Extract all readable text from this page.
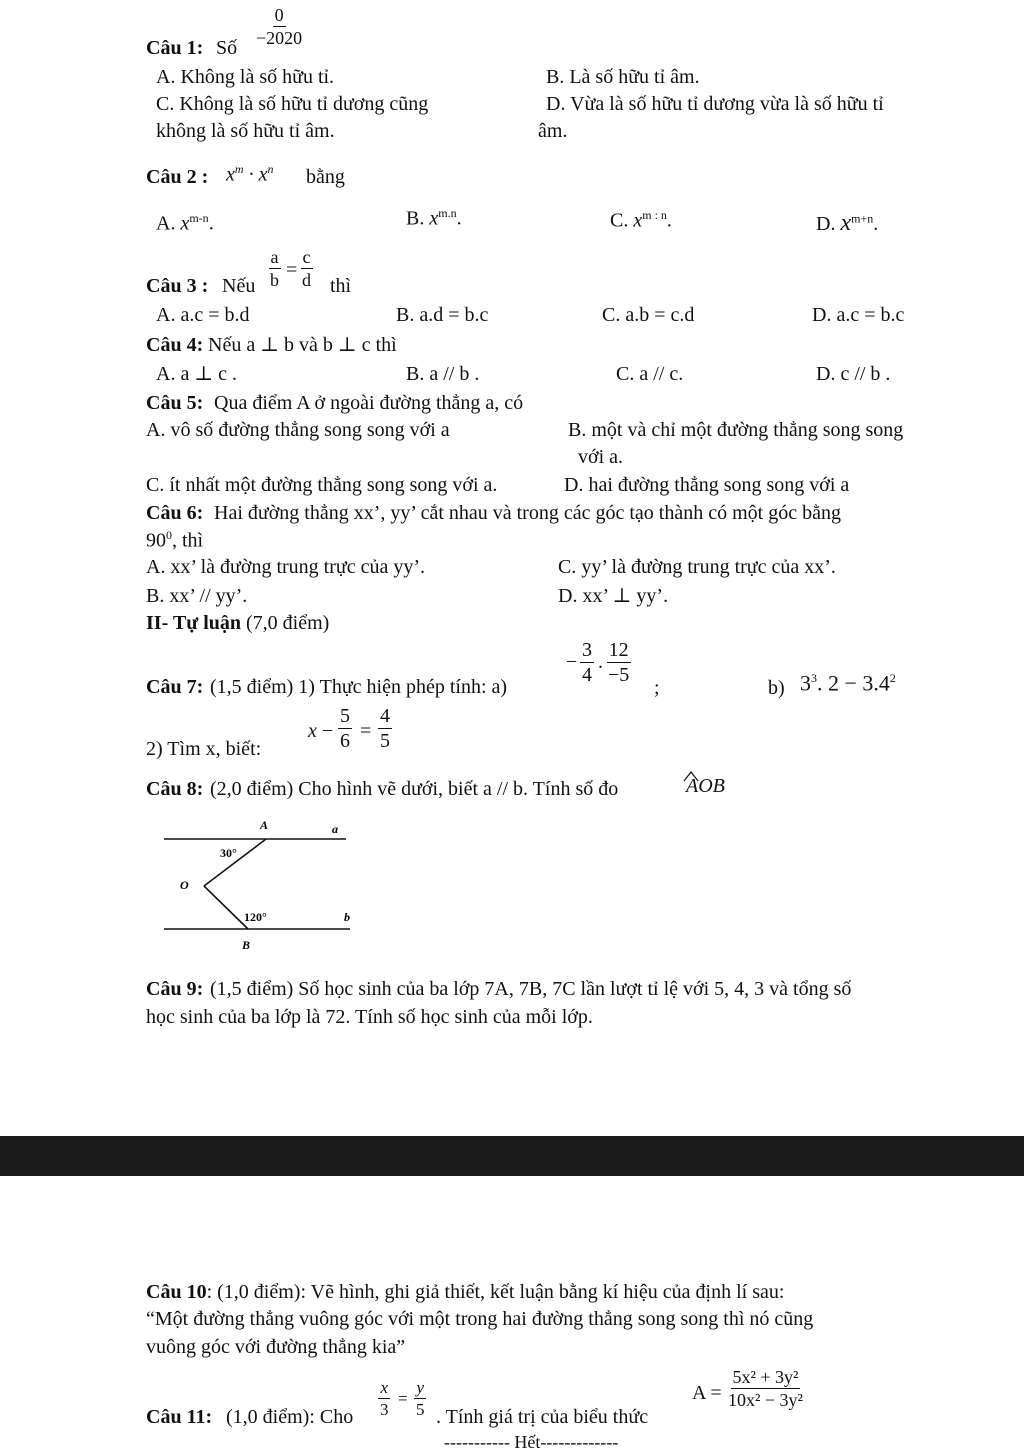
Câu 1: Số
$\frac{0}{-2020}$
A. Không là số hữu tỉ.	B. Là số hữu tỉ âm.
C. Không là số hữu tỉ dương cũng
không là số hữu tỉ âm.
D. Vừa là số hữu tỉ dương vừa là số hữu tỉ
âm.
Câu 2 : $x^m \cdot x^n$ bằng
A. $x^{m-n}$.	B. $x^{m.n}$.	C. $x^{m : n}$.	D. $x^{m+n}$.
Câu 3 : Nếu $\frac{a}{b} = \frac{c}{d}$ thì
A. a.c = b.d	B. a.d = b.c	C. a.b = c.d	D. a.c = b.c
Câu 4: Nếu a ⊥ b và b ⊥ c thì
A. a ⊥ c .	B. a // b .	C. a // c.	D. c // b .
Câu 5: Qua điểm A ở ngoài đường thẳng a, có
A. vô số đường thẳng song song với a	B. một và chỉ một đường thẳng song song
với a.
C. ít nhất một đường thẳng song song với a.	D. hai đường thẳng song song với a
Câu 6: Hai đường thẳng xx’, yy’ cắt nhau và trong các góc tạo thành có một góc bằng
$90^0$, thì
A. xx’ là đường trung trực của yy’.	C. yy’ là đường trung trực của xx’.
B. xx’ // yy’.	D. xx’ ⊥ yy’.
II- Tự luận (7,0 điểm)
Câu 7: (1,5 điểm) 1) Thực hiện phép tính: a)
− $\frac{3}{4}$ . $\frac{12}{-5}$
;	b) $3^3$. $2 - 3.4^2$
2) Tìm x, biết:
$x - \frac{5}{6} = \frac{4}{5}$
Câu 8: (2,0 điểm) Cho hình vẽ dưới, biết a // b. Tính số đo	AOB
A	a
30°
O
120°	b
B
Câu 9: (1,5 điểm) Số học sinh của ba lớp 7A, 7B, 7C lần lượt tỉ lệ với 5, 4, 3 và tổng số
học sinh của ba lớp là 72. Tính số học sinh của mỗi lớp.
Câu 10: (1,0 điểm): Vẽ hình, ghi giả thiết, kết luận bằng kí hiệu của định lí sau:
“Một đường thẳng vuông góc với một trong hai đường thẳng song song thì nó cũng
vuông góc với đường thẳng kia”
Câu 11: (1,0 điểm): Cho $\frac{x}{3} = \frac{y}{5}$ . Tính giá trị của biểu thức
$A = \frac{\text{5x² + 3y²}}{\text{10x² − 3y²}}$
----------- Hết-------------
